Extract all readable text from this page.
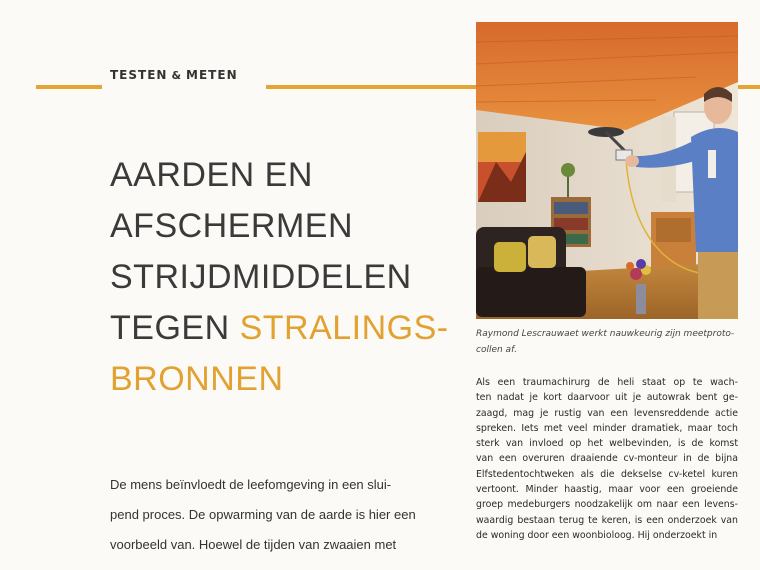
TESTEN & METEN
AARDEN EN
AFSCHERMEN
STRIJDMIDDELEN
TEGEN STRALINGS-
BRONNEN
De mens beïnvloedt de leefomgeving in een slui-
pend proces. De opwarming van de aarde is hier een
voorbeeld van. Hoewel de tijden van zwaaien met
Raymond Lescrauwaet werkt nauwkeurig zijn meetproto-
collen af.
Als een traumachirurg de heli staat op te wach-
ten nadat je kort daarvoor uit je autowrak bent ge-
zaagd, mag je rustig van een levensreddende actie
spreken. Iets met veel minder dramatiek, maar toch
sterk van invloed op het welbevinden, is de komst
van een overuren draaiende cv-monteur in de bijna
Elfstedentochtweken als die dekselse cv-ketel kuren
vertoont. Minder haastig, maar voor een groeiende
groep medeburgers noodzakelijk om naar een levens-
waardig bestaan terug te keren, is een onderzoek van
de woning door een woonbioloog. Hij onderzoekt in
